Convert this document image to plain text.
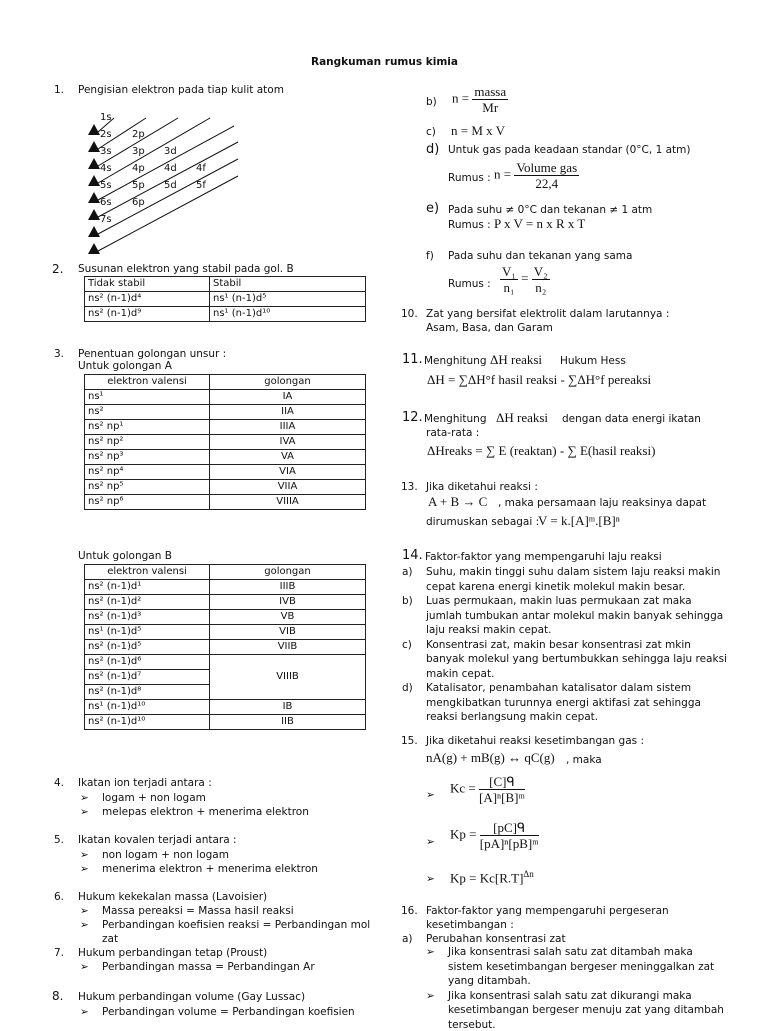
Rangkuman rumus kimia
1. Pengisian elektron pada tiap kulit atom
1s
2s 2p
3s 3p 3d
4s 4p 4d 4f
5s 5p 5d 5f
6s 6p
7s
2. Susunan elektron yang stabil pada gol. B
Tidak stabil	Stabil
ns² (n-1)d⁴	ns¹ (n-1)d⁵
ns² (n-1)d⁹	ns¹ (n-1)d¹⁰
3. Penentuan golongan unsur :
Untuk golongan A
elektron valensi	golongan
ns¹	IA
ns²	IIA
ns² np¹	IIIA
ns² np²	IVA
ns² np³	VA
ns² np⁴	VIA
ns² np⁵	VIIA
ns² np⁶	VIIIA
Untuk golongan B
elektron valensi	golongan
ns² (n-1)d¹	IIIB
ns² (n-1)d²	IVB
ns² (n-1)d³	VB
ns¹ (n-1)d⁵	VIB
ns² (n-1)d⁵	VIIB
ns² (n-1)d⁶	VIIIB
ns² (n-1)d⁷	
ns² (n-1)d⁸	
ns¹ (n-1)d¹⁰	IB
ns² (n-1)d¹⁰	IIB
4. Ikatan ion terjadi antara :
➢ logam + non logam
➢ melepas elektron + menerima elektron
5. Ikatan kovalen terjadi antara :
➢ non logam + non logam
➢ menerima elektron + menerima elektron
6. Hukum kekekalan massa (Lavoisier)
➢ Massa pereaksi = Massa hasil reaksi
➢ Perbandingan koefisien reaksi = Perbandingan mol
zat
7. Hukum perbandingan tetap (Proust)
➢ Perbandingan massa = Perbandingan Ar
8. Hukum perbandingan volume (Gay Lussac)
➢ Perbandingan volume = Perbandingan koefisien
b) $n = \frac{\text{massa}}{Mr}$
c) n = M x V
d) Untuk gas pada keadaan standar (0°C, 1 atm)
Rumus : $n = \frac{\text{Volume gas}}{22,4}$
e) Pada suhu ≠ 0°C dan tekanan ≠ 1 atm
Rumus : P x V = n x R x T
f) Pada suhu dan tekanan yang sama
Rumus : $\frac{\text{V₁}}{\text{n₁}} = \frac{\text{V₂}}{\text{n₂}}$
10. Zat yang bersifat elektrolit dalam larutannya :
Asam, Basa, dan Garam
11. Menghitung ΔH reaksi Hukum Hess
ΔH = ∑ΔH°f hasil reaksi - ∑ΔH°f pereaksi
12. Menghitung ΔH reaksi dengan data energi ikatan
rata-rata :
ΔHreaks = ∑ E (reaktan) - ∑ E(hasil reaksi)
13. Jika diketahui reaksi :
A + B → C , maka persamaan laju reaksinya dapat
dirumuskan sebagai :
V = k.[A]ᵐ.[B]ⁿ
14. Faktor-faktor yang mempengaruhi laju reaksi
a) Suhu, makin tinggi suhu dalam sistem laju reaksi makin
cepat karena energi kinetik molekul makin besar.
b) Luas permukaan, makin luas permukaan zat maka
jumlah tumbukan antar molekul makin banyak sehingga
laju reaksi makin cepat.
c) Konsentrasi zat, makin besar konsentrasi zat mkin
banyak molekul yang bertumbukkan sehingga laju reaksi
makin cepat.
d) Katalisator, penambahan katalisator dalam sistem
mengkibatkan turunnya energi aktifasi zat sehingga
reaksi berlangsung makin cepat.
15. Jika diketahui reaksi kesetimbangan gas :
nA(g) + mB(g) ↔ qC(g) , maka
➢ $Kc = \frac{\text{[C]ᑫ}}{\text{[A]ⁿ[B]ᵐ}}$
➢
$Kp = \frac{\text{[pC]ᑫ}}{\text{[pA]ⁿ[pB]ᵐ}}$
➢ $Kp = Kc[R.T]^{\Delta n}$
16. Faktor-faktor yang mempengaruhi pergeseran
kesetimbangan :
a) Perubahan konsentrasi zat
➢ Jika konsentrasi salah satu zat ditambah maka
sistem kesetimbangan bergeser meninggalkan zat
yang ditambah.
➢ Jika konsentrasi salah satu zat dikurangi maka
kesetimbangan bergeser menuju zat yang ditambah
tersebut.
